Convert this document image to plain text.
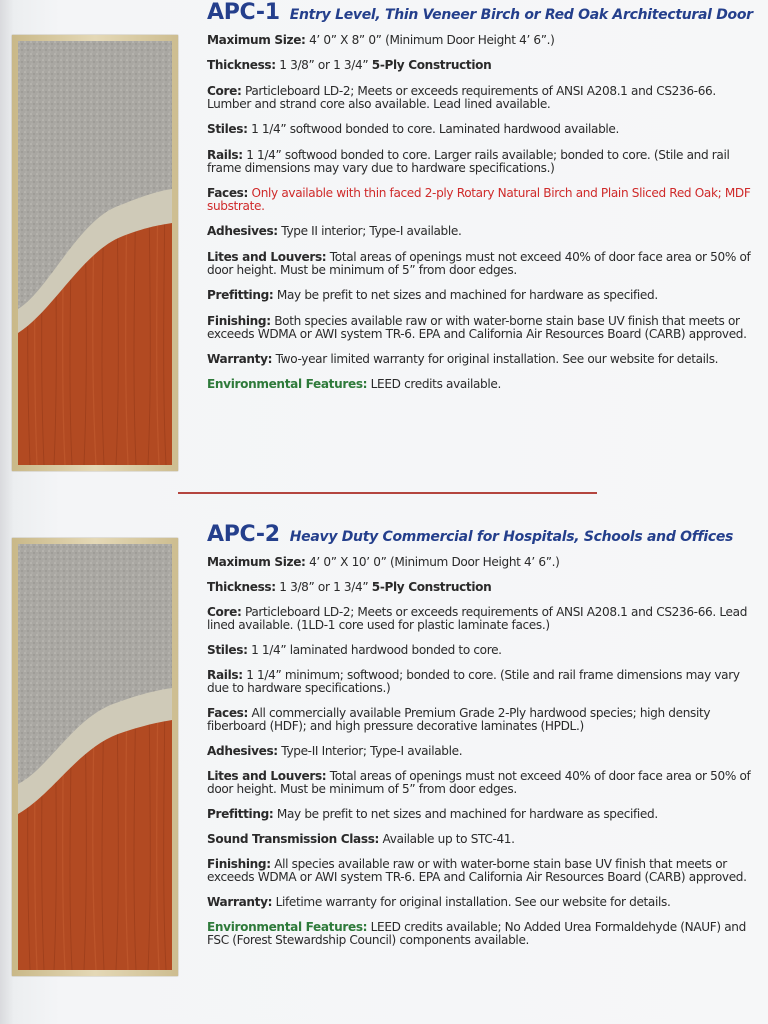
APC-1 Entry Level, Thin Veneer Birch or Red Oak Architectural Door
Maximum Size: 4’ 0” X 8” 0” (Minimum Door Height 4’ 6”.)
Thickness: 1 3/8” or 1 3/4” 5-Ply Construction
Core: Particleboard LD-2; Meets or exceeds requirements of ANSI A208.1 and CS236-66. Lumber and strand core also available. Lead lined available.
Stiles: 1 1/4” softwood bonded to core. Laminated hardwood available.
Rails: 1 1/4” softwood bonded to core. Larger rails available; bonded to core. (Stile and rail frame dimensions may vary due to hardware specifications.)
Faces: Only available with thin faced 2-ply Rotary Natural Birch and Plain Sliced Red Oak; MDF substrate.
Adhesives: Type II interior; Type-I available.
Lites and Louvers: Total areas of openings must not exceed 40% of door face area or 50% of door height. Must be minimum of 5” from door edges.
Prefitting: May be prefit to net sizes and machined for hardware as specified.
Finishing: Both species available raw or with water-borne stain base UV finish that meets or exceeds WDMA or AWI system TR-6. EPA and California Air Resources Board (CARB) approved.
Warranty: Two-year limited warranty for original installation. See our website for details.
Environmental Features: LEED credits available.
APC-2 Heavy Duty Commercial for Hospitals, Schools and Offices
Maximum Size: 4’ 0” X 10’ 0” (Minimum Door Height 4’ 6”.)
Thickness: 1 3/8” or 1 3/4” 5-Ply Construction
Core: Particleboard LD-2; Meets or exceeds requirements of ANSI A208.1 and CS236-66. Lead lined available. (1LD-1 core used for plastic laminate faces.)
Stiles: 1 1/4” laminated hardwood bonded to core.
Rails: 1 1/4” minimum; softwood; bonded to core. (Stile and rail frame dimensions may vary due to hardware specifications.)
Faces: All commercially available Premium Grade 2-Ply hardwood species; high density fiberboard (HDF); and high pressure decorative laminates (HPDL.)
Adhesives: Type-II Interior; Type-I available.
Lites and Louvers: Total areas of openings must not exceed 40% of door face area or 50% of door height. Must be minimum of 5” from door edges.
Prefitting: May be prefit to net sizes and machined for hardware as specified.
Sound Transmission Class: Available up to STC-41.
Finishing: All species available raw or with water-borne stain base UV finish that meets or exceeds WDMA or AWI system TR-6. EPA and California Air Resources Board (CARB) approved.
Warranty: Lifetime warranty for original installation. See our website for details.
Environmental Features: LEED credits available; No Added Urea Formaldehyde (NAUF) and FSC (Forest Stewardship Council) components available.
